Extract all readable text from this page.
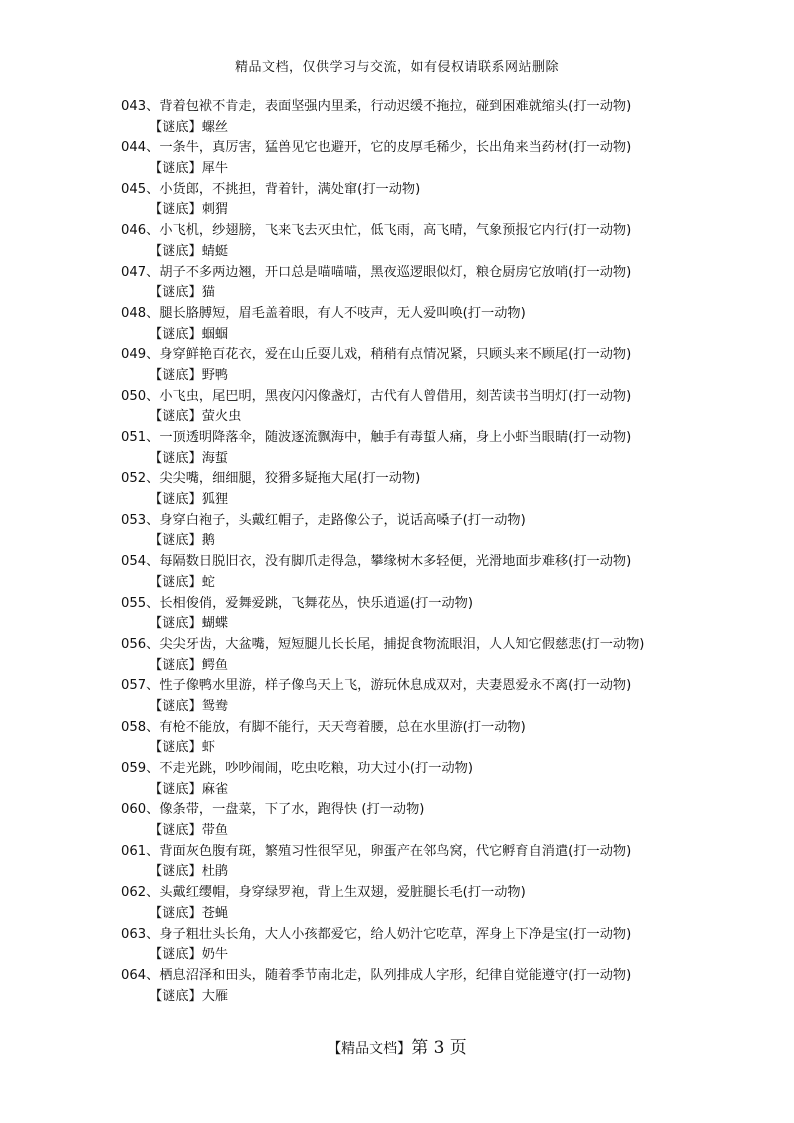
精品文档，仅供学习与交流，如有侵权请联系网站删除
043、背着包袱不肯走，表面坚强内里柔，行动迟缓不拖拉，碰到困难就缩头(打一动物)
【谜底】螺丝
044、一条牛，真厉害，猛兽见它也避开，它的皮厚毛稀少，长出角来当药材(打一动物)
【谜底】犀牛
045、小货郎，不挑担，背着针，满处窜(打一动物)
【谜底】刺猬
046、小飞机，纱翅膀，飞来飞去灭虫忙，低飞雨，高飞晴，气象预报它内行(打一动物)
【谜底】蜻蜓
047、胡子不多两边翘，开口总是喵喵喵，黑夜巡逻眼似灯，粮仓厨房它放哨(打一动物)
【谜底】猫
048、腿长胳膊短，眉毛盖着眼，有人不吱声，无人爱叫唤(打一动物)
【谜底】蝈蝈
049、身穿鲜艳百花衣，爱在山丘耍儿戏，稍稍有点情况紧，只顾头来不顾尾(打一动物)
【谜底】野鸭
050、小飞虫，尾巴明，黑夜闪闪像盏灯，古代有人曾借用，刻苦读书当明灯(打一动物)
【谜底】萤火虫
051、一顶透明降落伞，随波逐流飘海中，触手有毒蜇人痛，身上小虾当眼睛(打一动物)
【谜底】海蜇
052、尖尖嘴，细细腿，狡猾多疑拖大尾(打一动物)
【谜底】狐狸
053、身穿白袍子，头戴红帽子，走路像公子，说话高嗓子(打一动物)
【谜底】鹅
054、每隔数日脱旧衣，没有脚爪走得急，攀缘树木多轻便，光滑地面步难移(打一动物)
【谜底】蛇
055、长相俊俏，爱舞爱跳，飞舞花丛，快乐逍遥(打一动物)
【谜底】蝴蝶
056、尖尖牙齿，大盆嘴，短短腿儿长长尾，捕捉食物流眼泪，人人知它假慈悲(打一动物)
【谜底】鳄鱼
057、性子像鸭水里游，样子像鸟天上飞，游玩休息成双对，夫妻恩爱永不离(打一动物)
【谜底】鸳鸯
058、有枪不能放，有脚不能行，天天弯着腰，总在水里游(打一动物)
【谜底】虾
059、不走光跳，吵吵闹闹，吃虫吃粮，功大过小(打一动物)
【谜底】麻雀
060、像条带，一盘菜，下了水，跑得快 (打一动物)
【谜底】带鱼
061、背面灰色腹有斑，繁殖习性很罕见，卵蛋产在邻鸟窝，代它孵育自消遣(打一动物)
【谜底】杜鹃
062、头戴红缨帽，身穿绿罗袍，背上生双翅，爱脏腿长毛(打一动物)
【谜底】苍蝇
063、身子粗壮头长角，大人小孩都爱它，给人奶汁它吃草，浑身上下净是宝(打一动物)
【谜底】奶牛
064、栖息沼泽和田头，随着季节南北走，队列排成人字形，纪律自觉能遵守(打一动物)
【谜底】大雁
【精品文档】第 3 页
